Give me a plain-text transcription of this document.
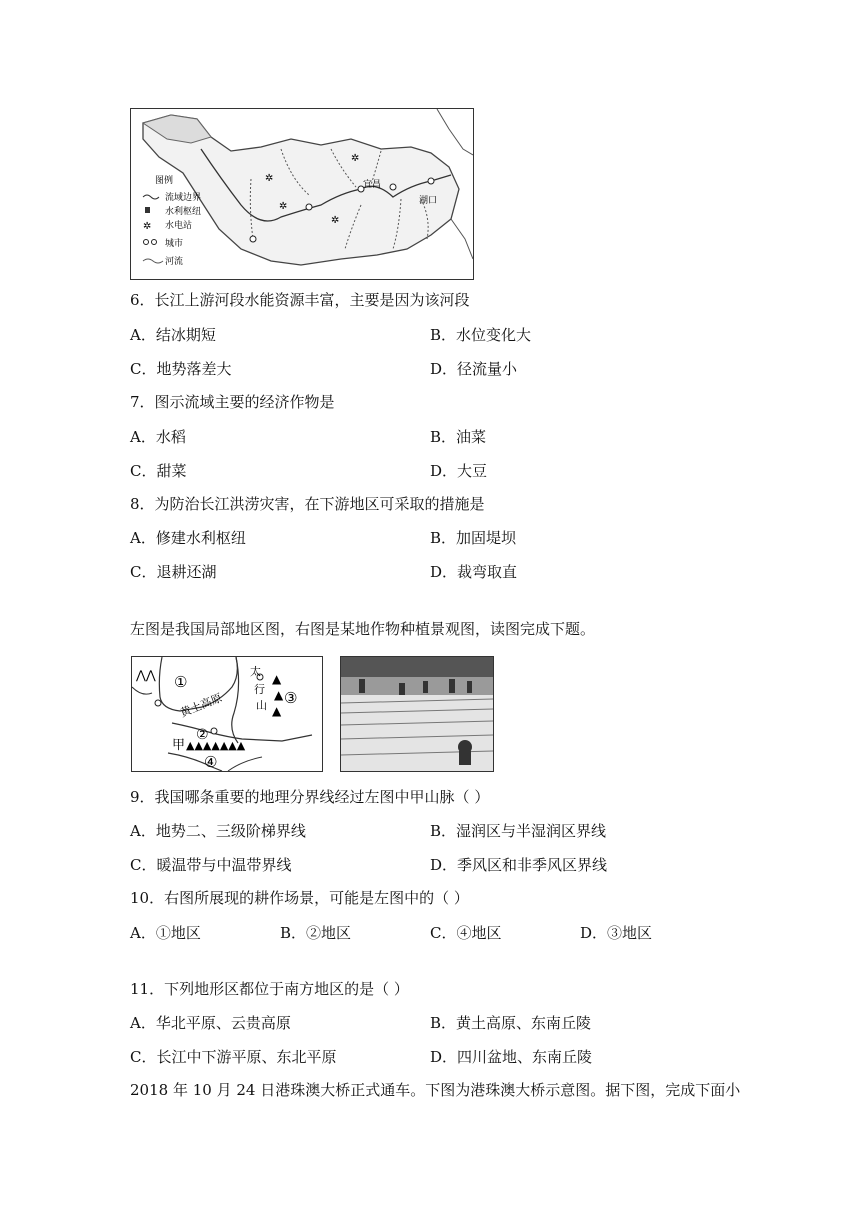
✲
✲
✲
✲
宜昌
湖口
图例
流域边界
水利枢纽
✲ 水电站
城市
河流
6．长江上游河段水能资源丰富，主要是因为该河段
A．结冰期短	B．水位变化大
C．地势落差大	D．径流量小
7．图示流域主要的经济作物是
A．水稻	B．油菜
C．甜菜	D．大豆
8．为防治长江洪涝灾害，在下游地区可采取的措施是
A．修建水利枢纽	B．加固堤坝
C．退耕还湖	D．裁弯取直
左图是我国局部地区图，右图是某地作物种植景观图，读图完成下题。
⋀⋀	▲
▲
▲
▲▲▲▲▲▲▲
①
②
③
④
黄土高原
太
行
山
甲
9．我国哪条重要的地理分界线经过左图中甲山脉（ ）
A．地势二、三级阶梯界线	B．湿润区与半湿润区界线
C．暖温带与中温带界线	D．季风区和非季风区界线
10．右图所展现的耕作场景，可能是左图中的（ ）
A．①地区	B．②地区	C．④地区	D．③地区
11．下列地形区都位于南方地区的是（ ）
A．华北平原、云贵高原	B．黄土高原、东南丘陵
C．长江中下游平原、东北平原	D．四川盆地、东南丘陵
2018 年 10 月 24 日港珠澳大桥正式通车。下图为港珠澳大桥示意图。据下图，完成下面小
